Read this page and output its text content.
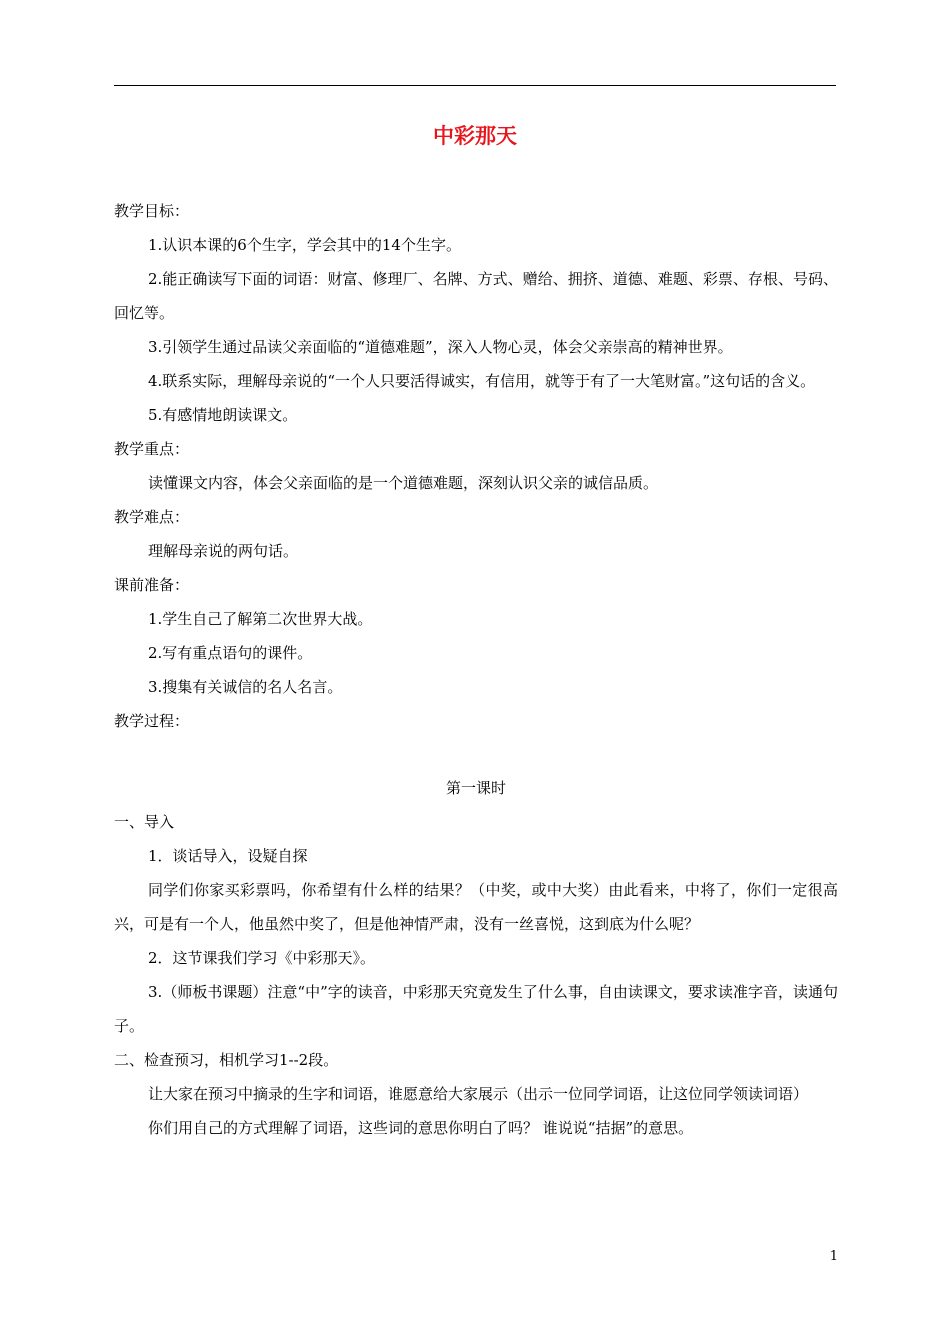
中彩那天

教学目标：

1.认识本课的6个生字，学会其中的14个生字。

2.能正确读写下面的词语：财富、修理厂、名牌、方式、赠给、拥挤、道德、难题、彩票、存根、号码、回忆等。

3.引领学生通过品读父亲面临的“道德难题”，深入人物心灵，体会父亲崇高的精神世界。

4.联系实际，理解母亲说的“一个人只要活得诚实，有信用，就等于有了一大笔财富。”这句话的含义。

5.有感情地朗读课文。

教学重点：

读懂课文内容，体会父亲面临的是一个道德难题，深刻认识父亲的诚信品质。

教学难点：

理解母亲说的两句话。

课前准备：

1.学生自己了解第二次世界大战。

2.写有重点语句的课件。

3.搜集有关诚信的名人名言。

教学过程：

第一课时

一、导入

1．谈话导入，设疑自探

同学们你家买彩票吗，你希望有什么样的结果？（中奖，或中大奖）由此看来，中将了，你们一定很高兴，可是有一个人，他虽然中奖了，但是他神情严肃，没有一丝喜悦，这到底为什么呢？

2．这节课我们学习《中彩那天》。

3.（师板书课题）注意“中”字的读音，中彩那天究竟发生了什么事，自由读课文，要求读准字音，读通句子。

二、检查预习，相机学习1--2段。

让大家在预习中摘录的生字和词语，谁愿意给大家展示（出示一位同学词语，让这位同学领读词语）

你们用自己的方式理解了词语，这些词的意思你明白了吗？ 谁说说“拮据”的意思。

1
